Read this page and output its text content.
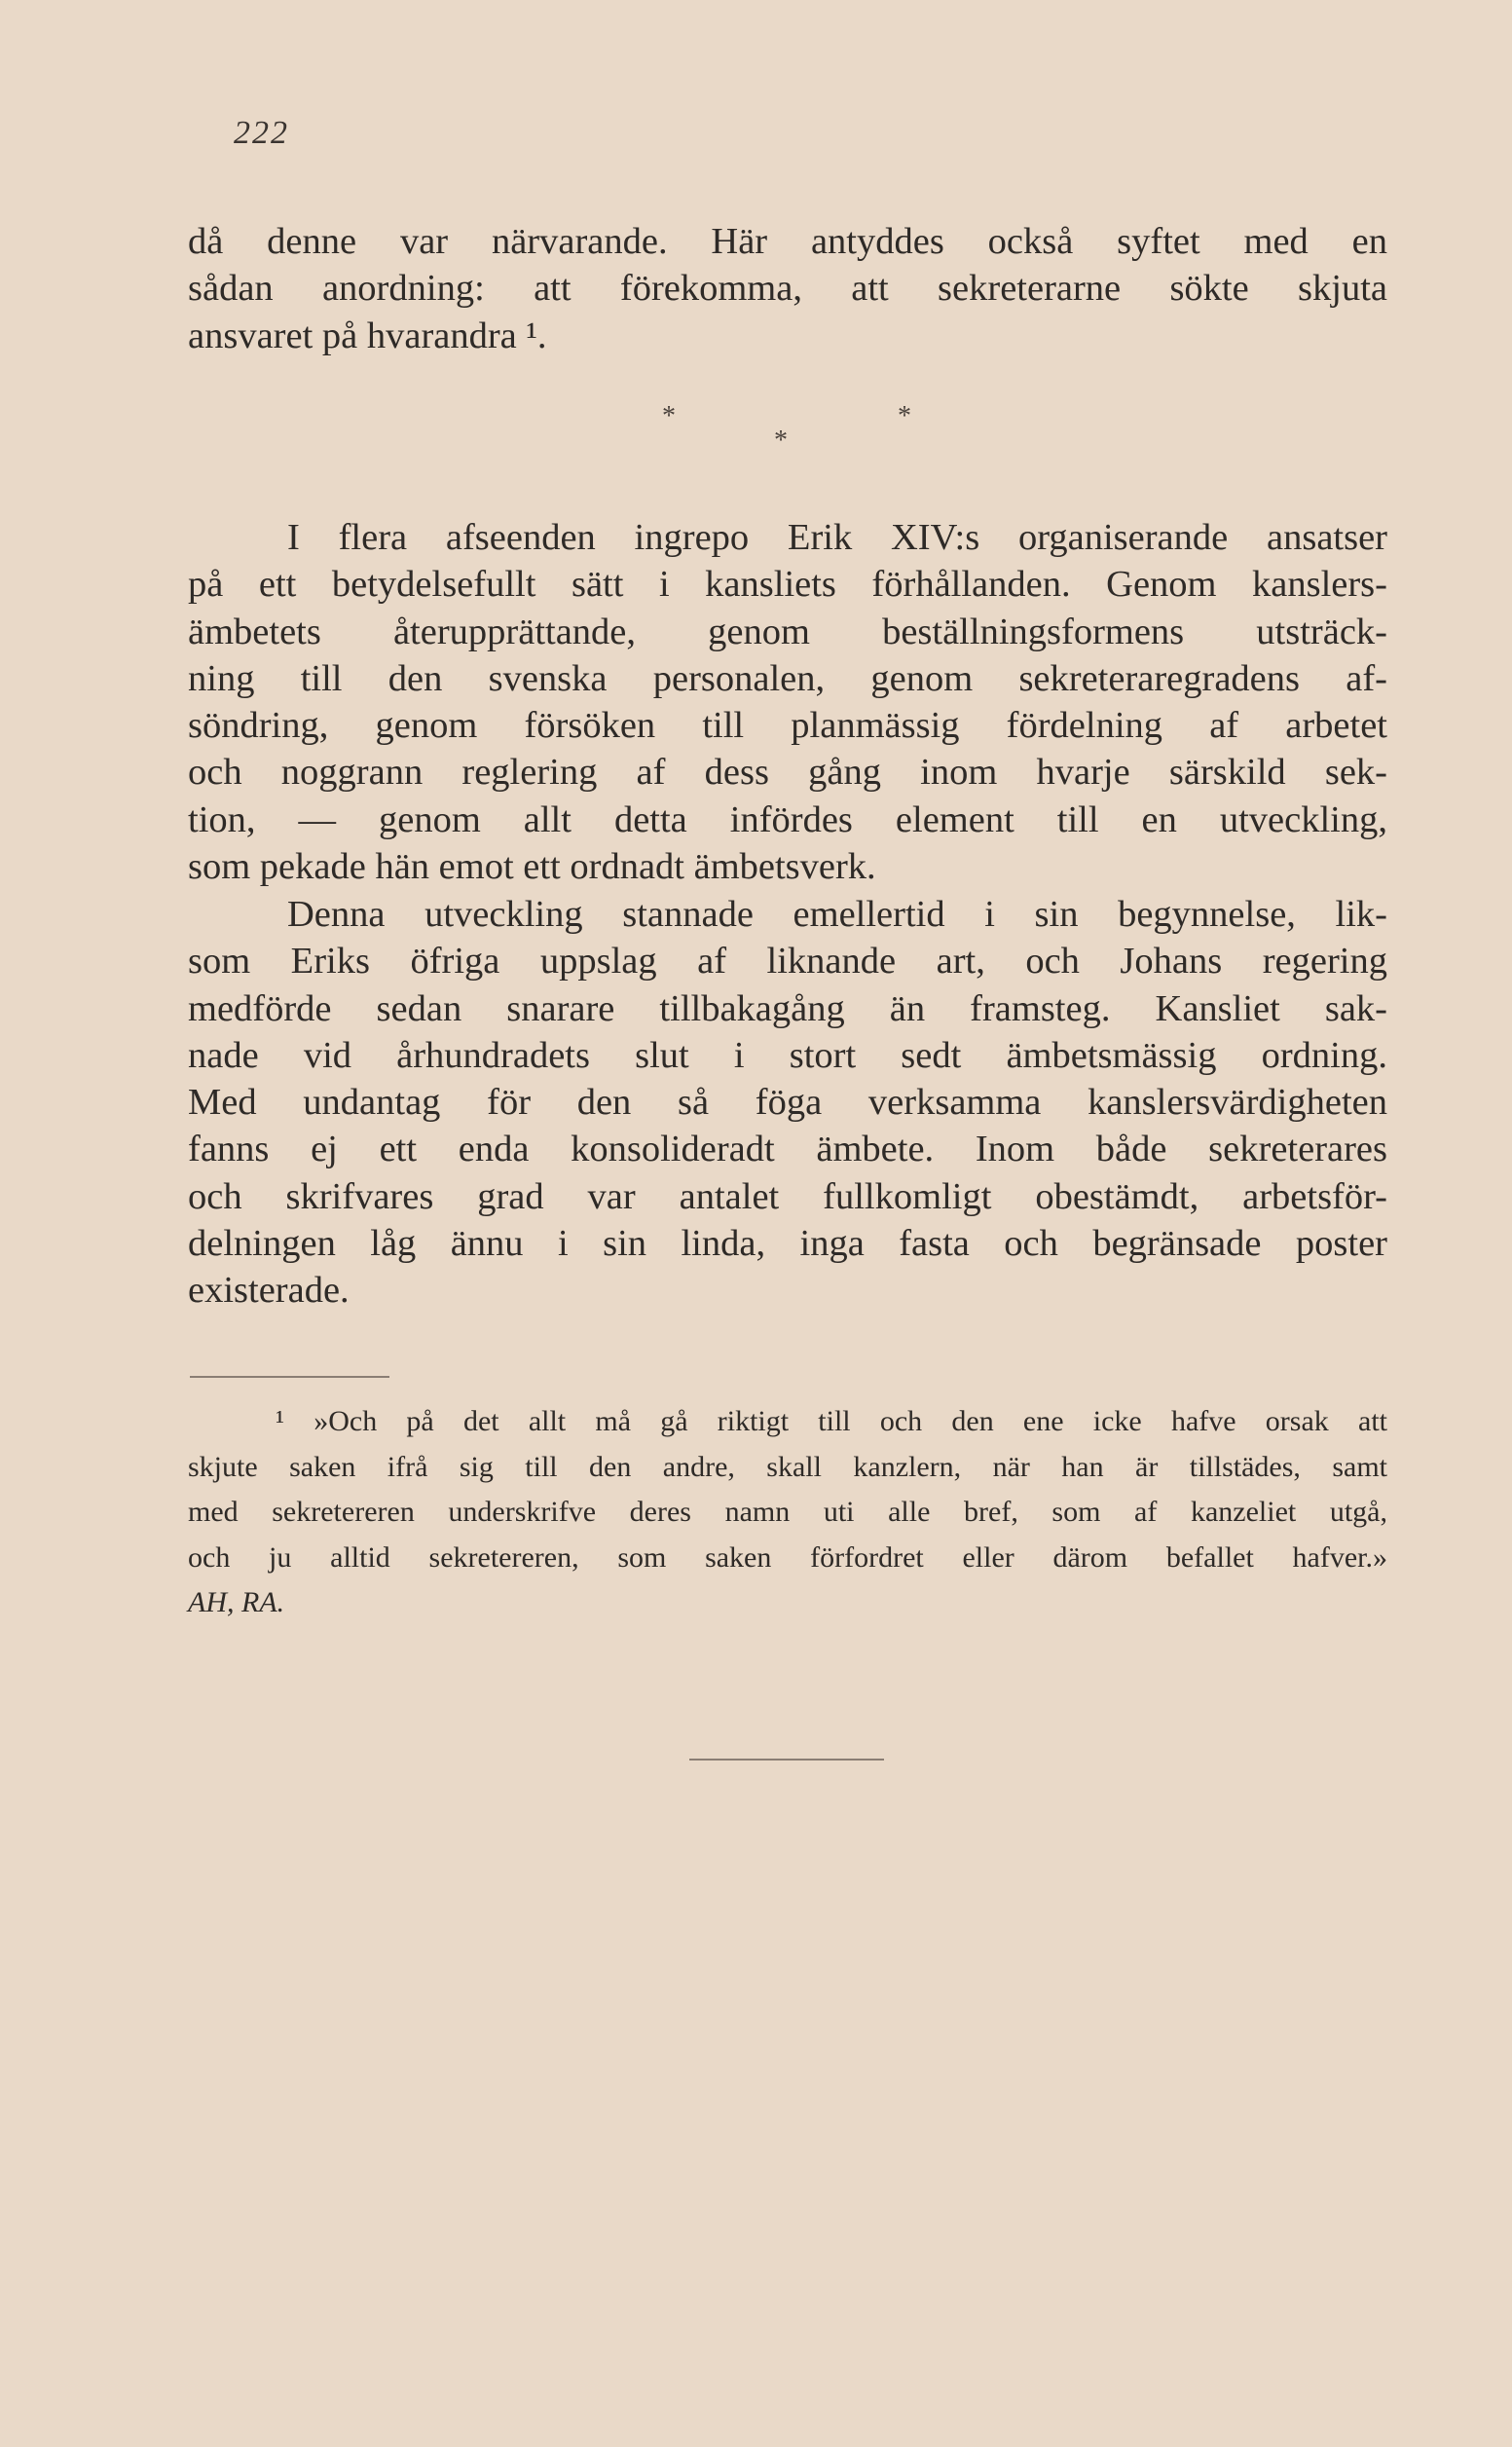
222
då denne var närvarande. Här antyddes också syftet med en
sådan anordning: att förekomma, att sekreterarne sökte skjuta
ansvaret på hvarandra ¹.
*
*
*
I flera afseenden ingrepo Erik XIV:s organiserande ansatser
på ett betydelsefullt sätt i kansliets förhållanden. Genom kanslers-
ämbetets återupprättande, genom beställningsformens utsträck-
ning till den svenska personalen, genom sekreteraregradens af-
söndring, genom försöken till planmässig fördelning af arbetet
och noggrann reglering af dess gång inom hvarje särskild sek-
tion, — genom allt detta infördes element till en utveckling,
som pekade hän emot ett ordnadt ämbetsverk.
Denna utveckling stannade emellertid i sin begynnelse, lik-
som Eriks öfriga uppslag af liknande art, och Johans regering
medförde sedan snarare tillbakagång än framsteg. Kansliet sak-
nade vid århundradets slut i stort sedt ämbetsmässig ordning.
Med undantag för den så föga verksamma kanslersvärdigheten
fanns ej ett enda konsolideradt ämbete. Inom både sekreterares
och skrifvares grad var antalet fullkomligt obestämdt, arbetsför-
delningen låg ännu i sin linda, inga fasta och begränsade poster
existerade.
¹ »Och på det allt må gå riktigt till och den ene icke hafve orsak att
skjute saken ifrå sig till den andre, skall kanzlern, när han är tillstädes, samt
med sekretereren underskrifve deres namn uti alle bref, som af kanzeliet utgå,
och ju alltid sekretereren, som saken förfordret eller därom befallet hafver.»
AH, RA.
